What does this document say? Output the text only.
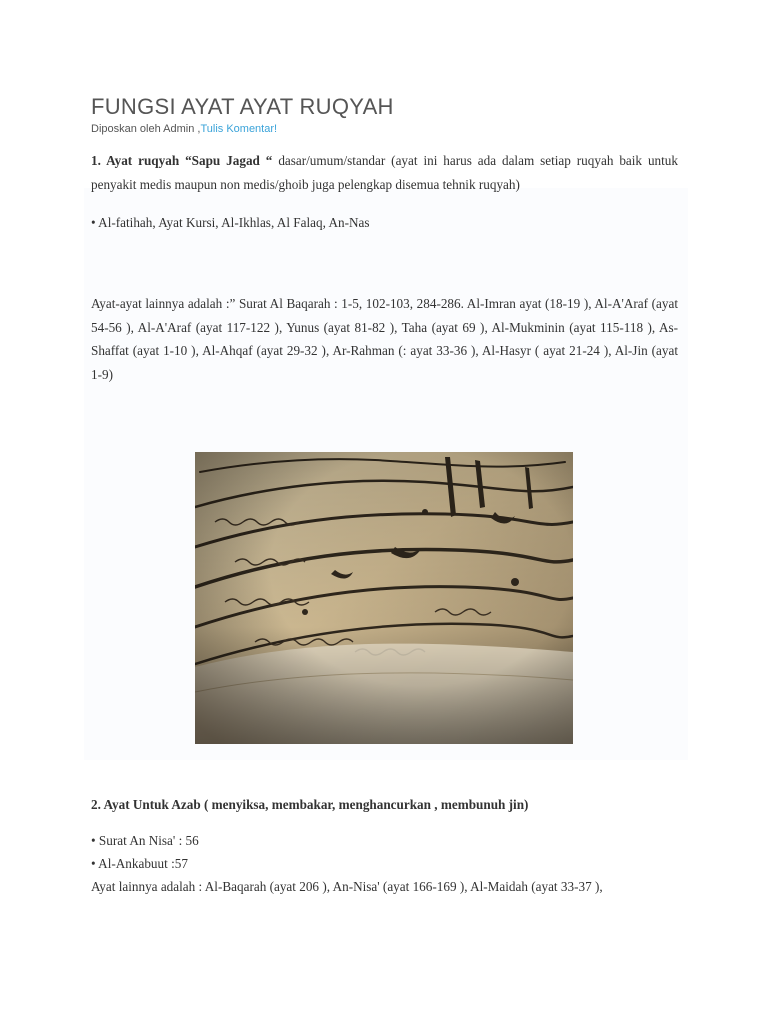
FUNGSI AYAT AYAT RUQYAH
Diposkan oleh Admin ,Tulis Komentar!

1. Ayat ruqyah “Sapu Jagad “ dasar/umum/standar (ayat ini harus ada dalam setiap ruqyah baik untuk penyakit medis maupun non medis/ghoib juga pelengkap disemua tehnik ruqyah)

• Al-fatihah, Ayat Kursi, Al-Ikhlas, Al Falaq, An-Nas

Ayat-ayat lainnya adalah :” Surat Al Baqarah : 1-5, 102-103, 284-286. Al-Imran ayat (18-19 ), Al-A'Araf (ayat 54-56 ), Al-A'Araf (ayat 117-122 ), Yunus (ayat 81-82 ), Taha (ayat 69 ), Al-Mukminin (ayat 115-118 ), As-Shaffat (ayat 1-10 ), Al-Ahqaf (ayat 29-32 ), Ar-Rahman (: ayat 33-36 ), Al-Hasyr ( ayat 21-24 ), Al-Jin (ayat 1-9)

2. Ayat Untuk Azab ( menyiksa, membakar, menghancurkan , membunuh jin)
• Surat An Nisa' : 56
• Al-Ankabuut :57
Ayat lainnya adalah : Al-Baqarah (ayat 206 ), An-Nisa' (ayat 166-169 ), Al-Maidah (ayat 33-37 ),
